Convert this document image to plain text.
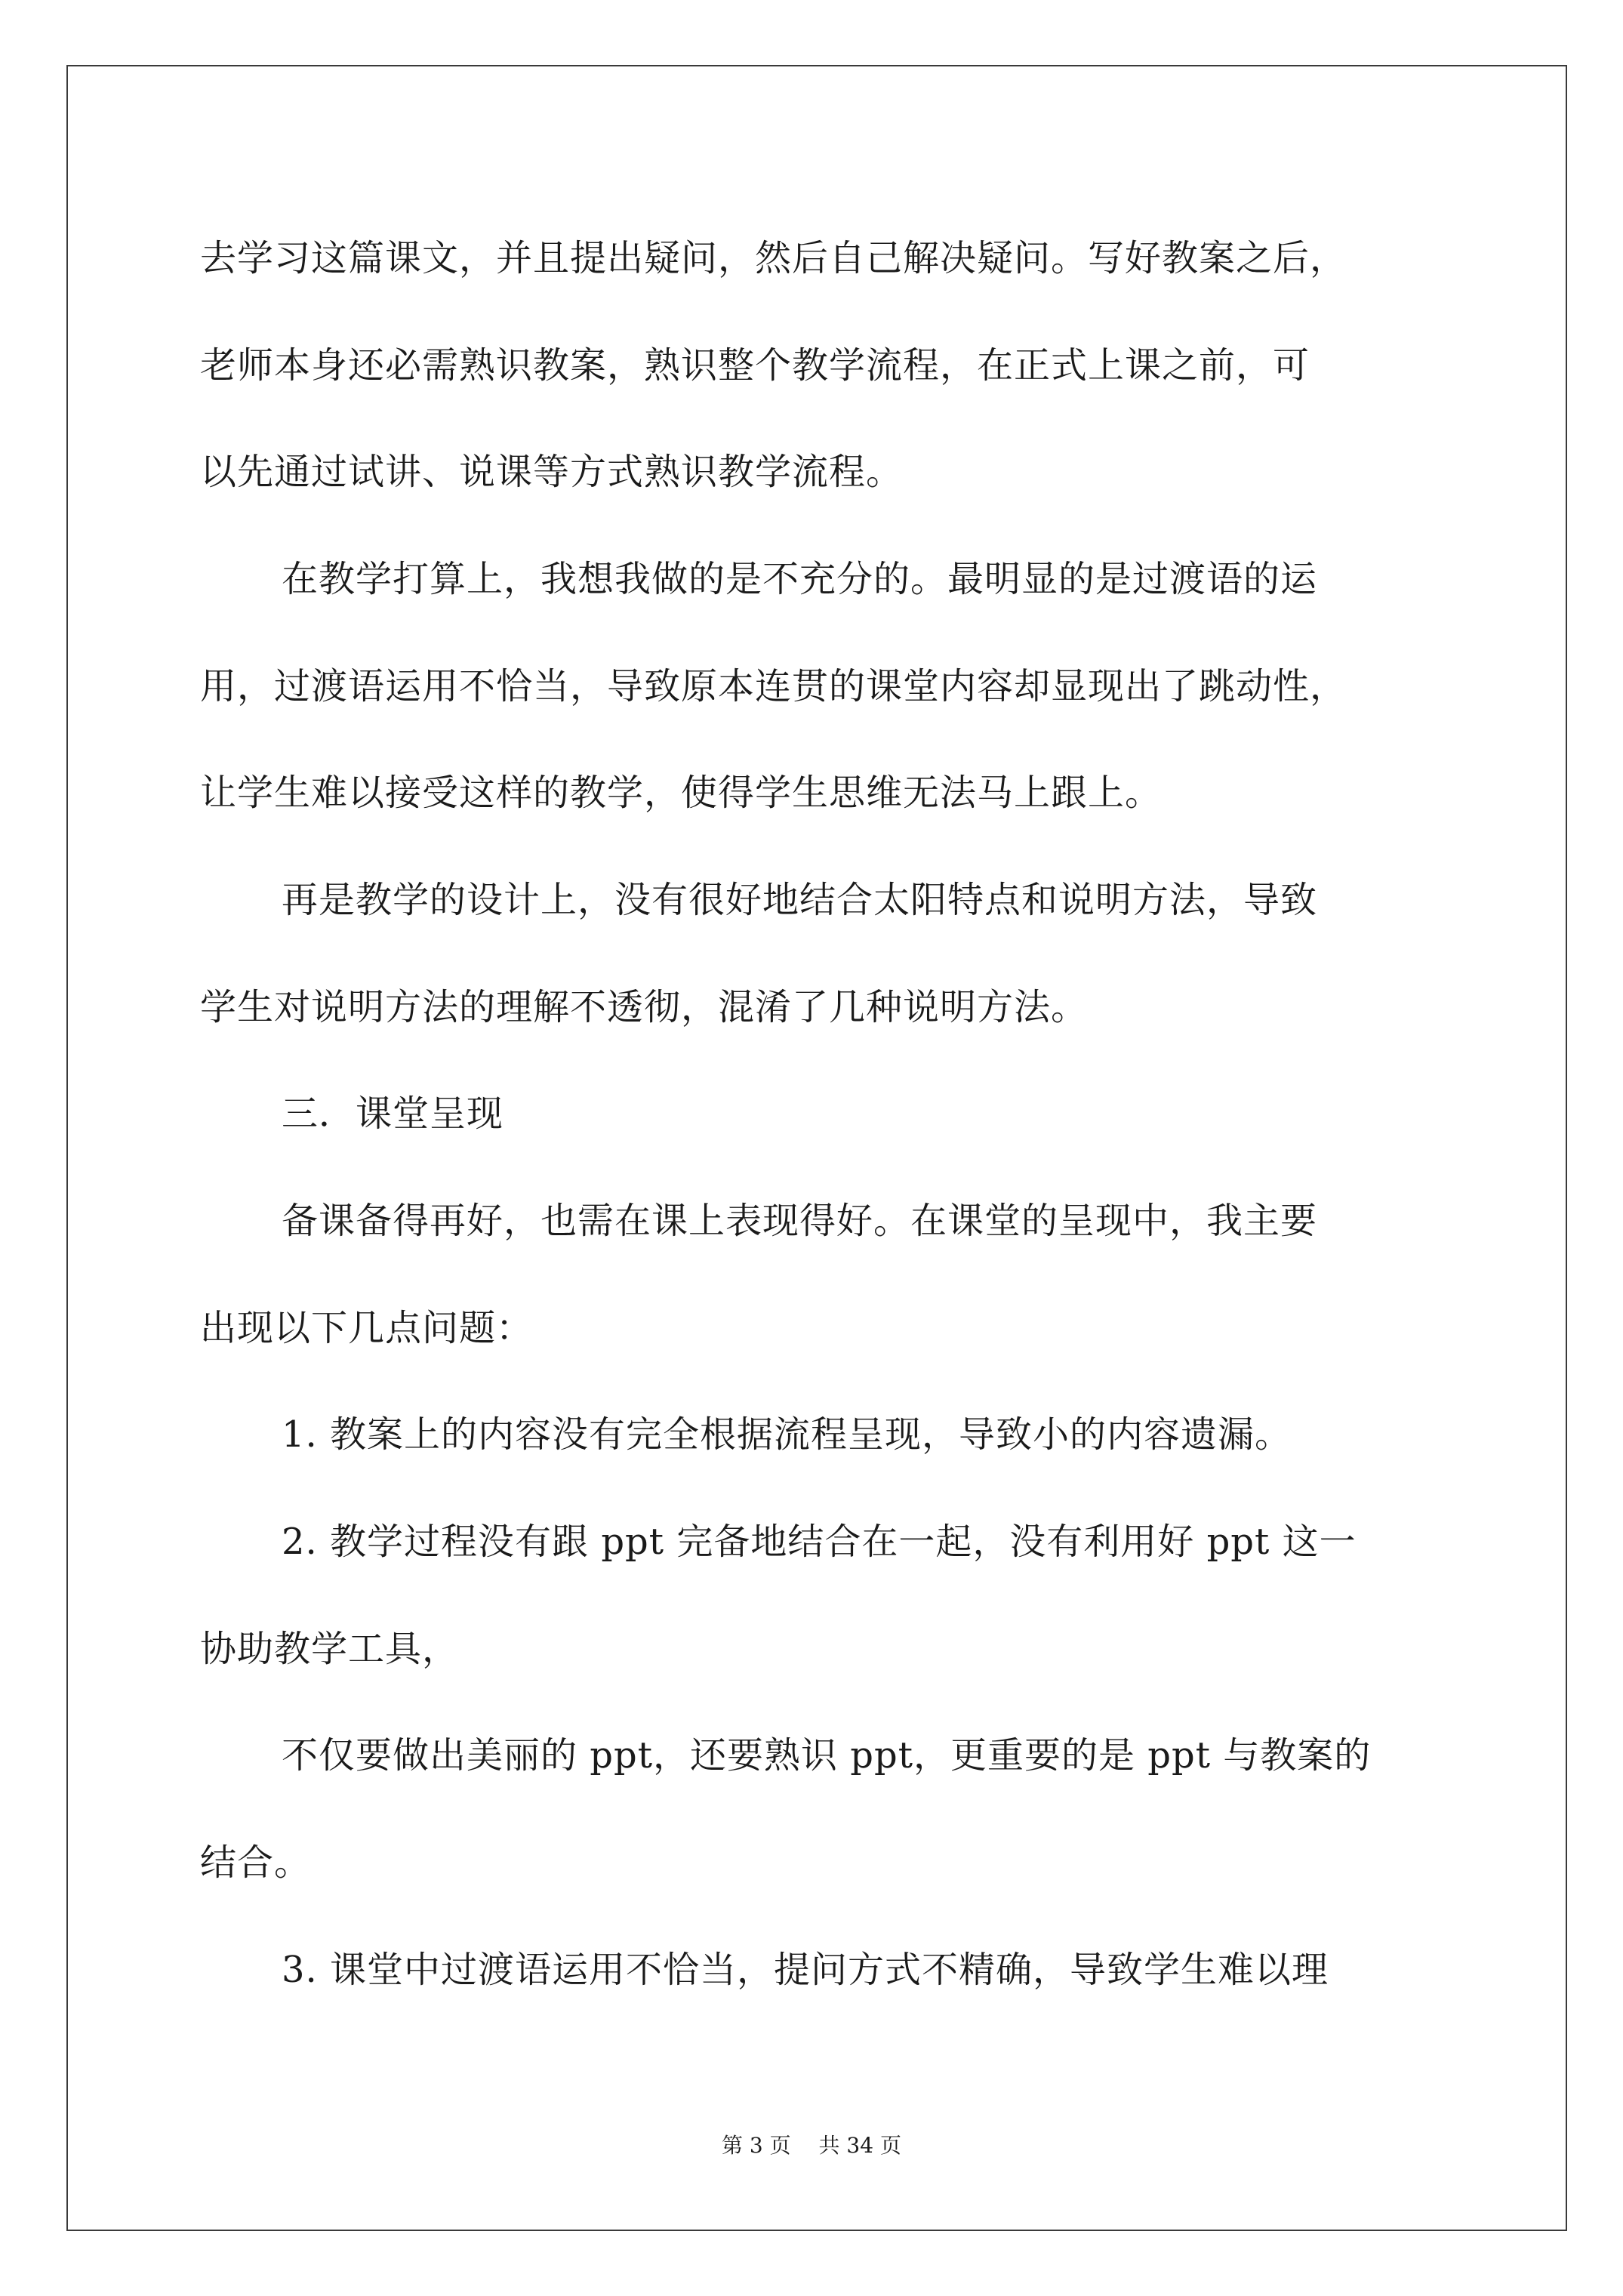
去学习这篇课文，并且提出疑问，然后自己解决疑问。写好教案之后，
老师本身还必需熟识教案，熟识整个教学流程，在正式上课之前，可
以先通过试讲、说课等方式熟识教学流程。
在教学打算上，我想我做的是不充分的。最明显的是过渡语的运
用，过渡语运用不恰当，导致原本连贯的课堂内容却显现出了跳动性，
让学生难以接受这样的教学，使得学生思维无法马上跟上。
再是教学的设计上，没有很好地结合太阳特点和说明方法，导致
学生对说明方法的理解不透彻，混淆了几种说明方法。
三．课堂呈现
备课备得再好，也需在课上表现得好。在课堂的呈现中，我主要
出现以下几点问题：
1. 教案上的内容没有完全根据流程呈现，导致小的内容遗漏。
2. 教学过程没有跟 ppt 完备地结合在一起，没有利用好 ppt 这一
协助教学工具，
不仅要做出美丽的 ppt，还要熟识 ppt，更重要的是 ppt 与教案的
结合。
3. 课堂中过渡语运用不恰当，提问方式不精确，导致学生难以理
第 3 页　 共 34 页
